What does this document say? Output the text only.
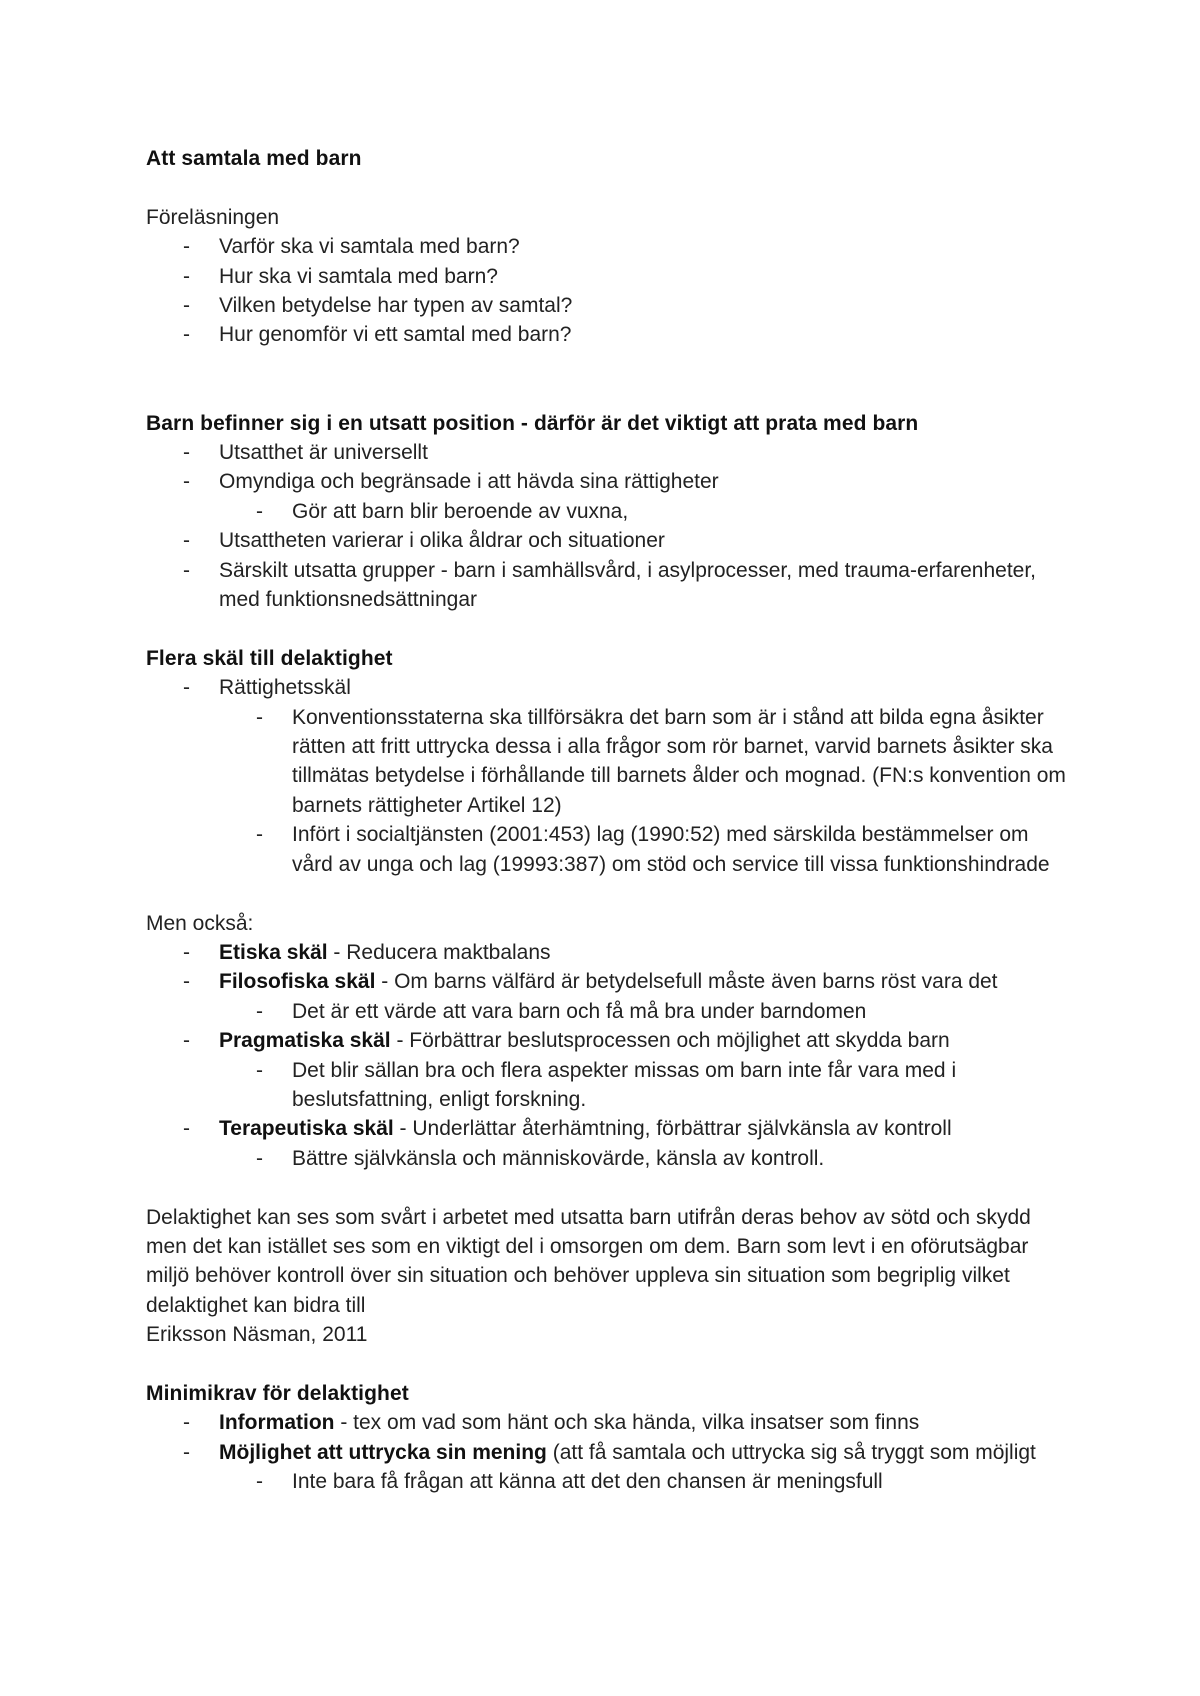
Att samtala med barn
Föreläsningen
- Varför ska vi samtala med barn?
- Hur ska vi samtala med barn?
- Vilken betydelse har typen av samtal?
- Hur genomför vi ett samtal med barn?
Barn befinner sig i en utsatt position - därför är det viktigt att prata med barn
- Utsatthet är universellt
- Omyndiga och begränsade i att hävda sina rättigheter
- Gör att barn blir beroende av vuxna,
- Utsattheten varierar i olika åldrar och situationer
- Särskilt utsatta grupper - barn i samhällsvård, i asylprocesser, med trauma-erfarenheter, med funktionsnedsättningar
Flera skäl till delaktighet
- Rättighetsskäl
- Konventionsstaterna ska tillförsäkra det barn som är i stånd att bilda egna åsikter rätten att fritt uttrycka dessa i alla frågor som rör barnet, varvid barnets åsikter ska tillmätas betydelse i förhållande till barnets ålder och mognad. (FN:s konvention om barnets rättigheter Artikel 12)
- Infört i socialtjänsten (2001:453) lag (1990:52) med särskilda bestämmelser om vård av unga och lag (19993:387) om stöd och service till vissa funktionshindrade
Men också:
- Etiska skäl - Reducera maktbalans
- Filosofiska skäl - Om barns välfärd är betydelsefull måste även barns röst vara det
- Det är ett värde att vara barn och få må bra under barndomen
- Pragmatiska skäl - Förbättrar beslutsprocessen och möjlighet att skydda barn
- Det blir sällan bra och flera aspekter missas om barn inte får vara med i beslutsfattning, enligt forskning.
- Terapeutiska skäl - Underlättar återhämtning, förbättrar självkänsla av kontroll
- Bättre självkänsla och människovärde, känsla av kontroll.
Delaktighet kan ses som svårt i arbetet med utsatta barn utifrån deras behov av sötd och skydd men det kan istället ses som en viktigt del i omsorgen om dem. Barn som levt i en oförutsägbar miljö behöver kontroll över sin situation och behöver uppleva sin situation som begriplig vilket delaktighet kan bidra till
Eriksson Näsman, 2011
Minimikrav för delaktighet
- Information - tex om vad som hänt och ska hända, vilka insatser som finns
- Möjlighet att uttrycka sin mening (att få samtala och uttrycka sig så tryggt som möjligt
- Inte bara få frågan att känna att det den chansen är meningsfull
